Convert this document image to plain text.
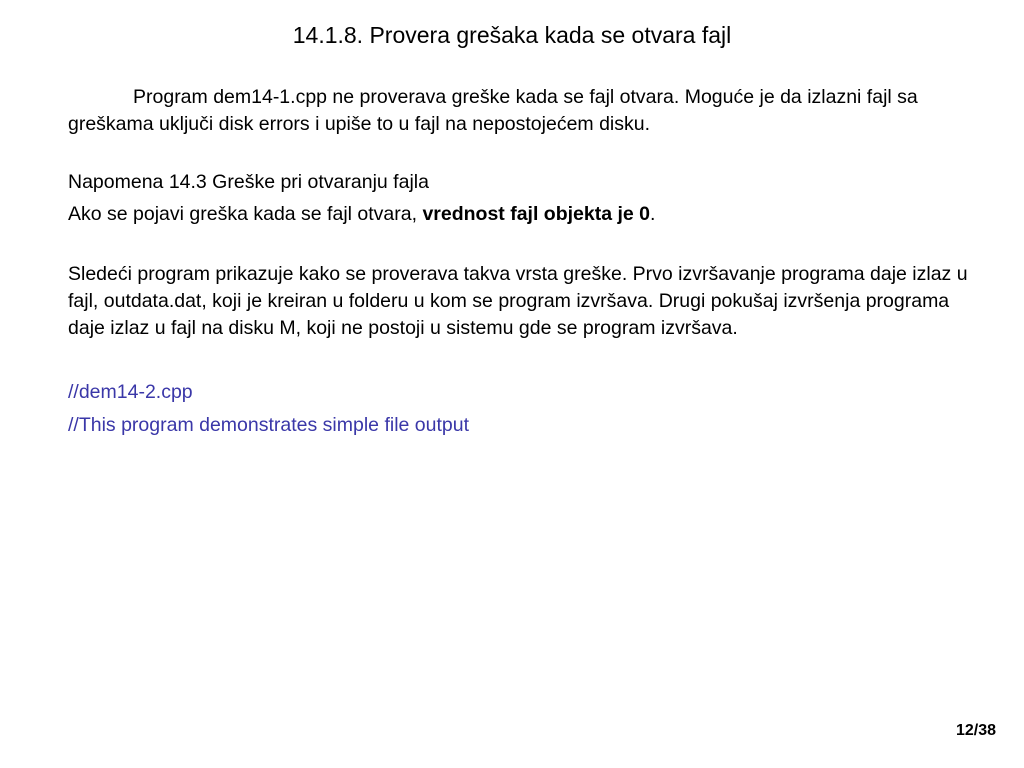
14.1.8. Provera grešaka kada se otvara fajl

Program dem14-1.cpp ne proverava greške kada se fajl otvara. Moguće je da izlazni fajl sa greškama uključi disk errors i upiše to u fajl na nepostojećem disku.

Napomena 14.3 Greške pri otvaranju fajla

Ako se pojavi greška kada se fajl otvara, vrednost fajl objekta je 0.

Sledeći program prikazuje kako se proverava takva vrsta greške. Prvo izvršavanje programa daje izlaz u fajl, outdata.dat, koji je kreiran u folderu u kom se program izvršava. Drugi pokušaj izvršenja programa daje izlaz u fajl na disku M, koji ne postoji u sistemu gde se program izvršava.

//dem14-2.cpp

//This program demonstrates simple file output

12/38
